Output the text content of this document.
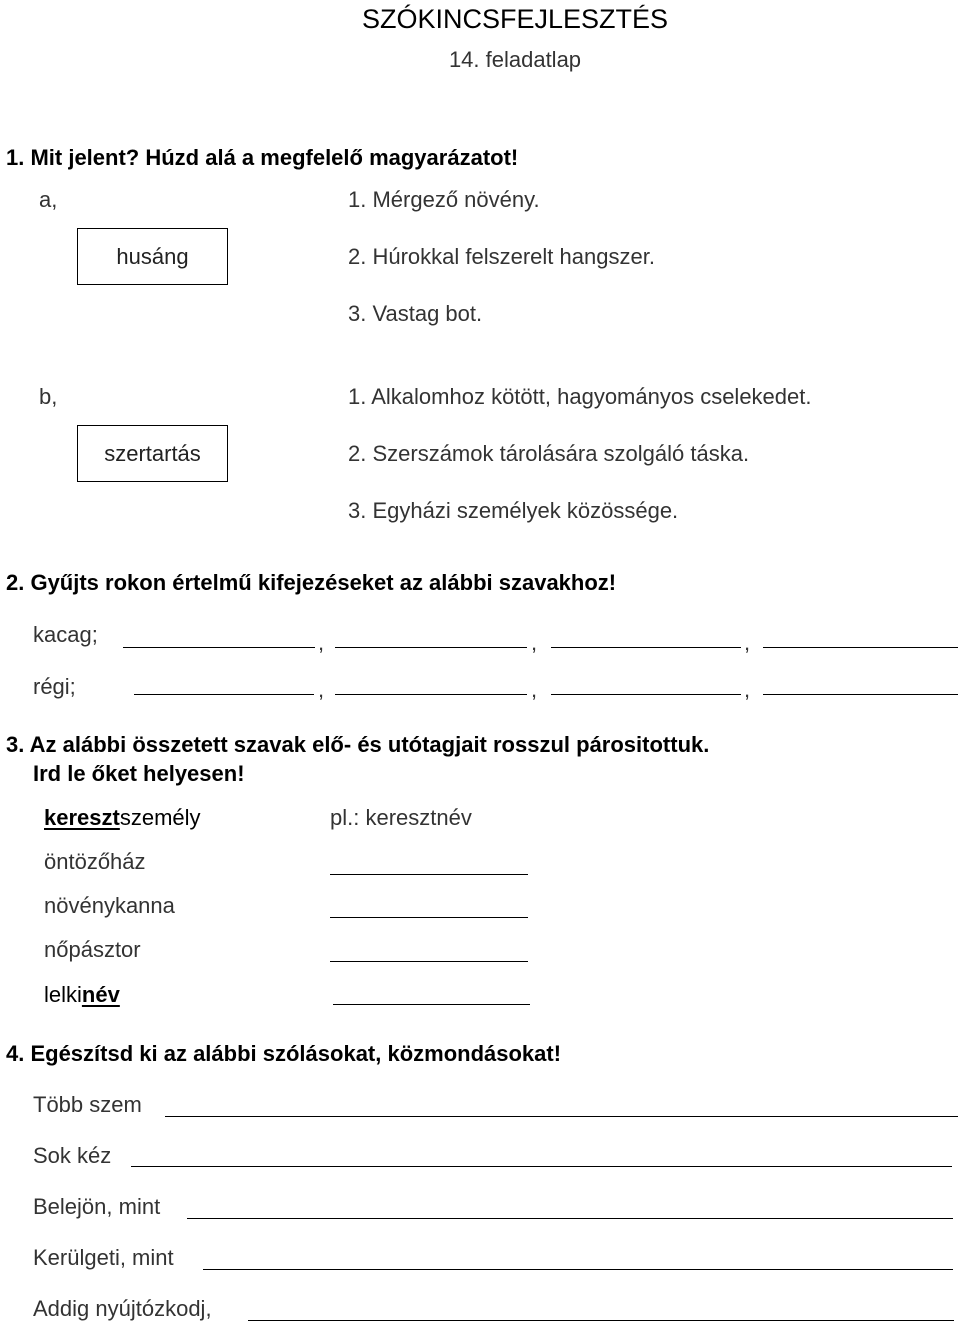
SZÓKINCSFEJLESZTÉS
14. feladatlap
1. Mit jelent? Húzd alá a megfelelő magyarázatot!
a,
husáng
1. Mérgező növény.
2. Húrokkal felszerelt hangszer.
3. Vastag bot.
b,
szertartás
1. Alkalomhoz kötött, hagyományos cselekedet.
2. Szerszámok tárolására szolgáló táska.
3. Egyházi személyek közössége.
2. Gyűjts rokon értelmű kifejezéseket az alábbi szavakhoz!
kacag;	,	,	,
régi;	,	,	,
3. Az alábbi összetett szavak elő- és utótagjait rosszul párositottuk.
Ird le őket helyesen!
keresztszemély	pl.: keresztnév
öntözőház
növénykanna
nőpásztor
lelkinév
4. Egészítsd ki az alábbi szólásokat, közmondásokat!
Több szem
Sok kéz
Belejön, mint
Kerülgeti, mint
Addig nyújtózkodj,
